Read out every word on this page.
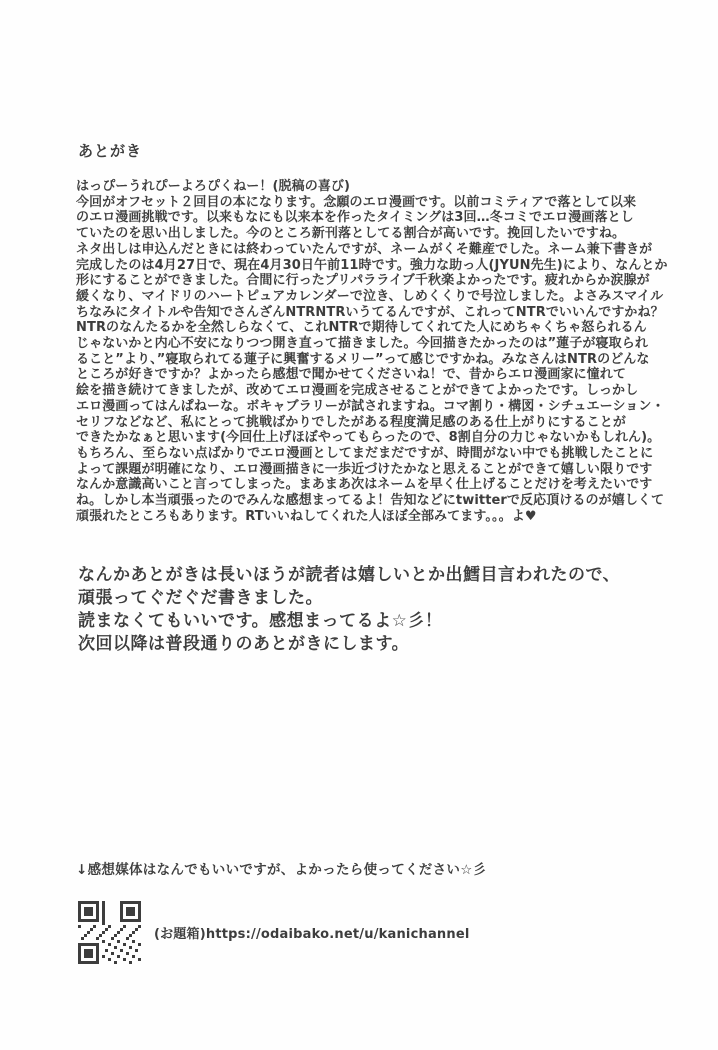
あとがき
はっぴーうれぴーよろぴくねー！(脱稿の喜び)
今回がオフセット２回目の本になります。念願のエロ漫画です。以前コミティアで落として以来
のエロ漫画挑戦です。以来もなにも以来本を作ったタイミングは3回…冬コミでエロ漫画落とし
ていたのを思い出しました。今のところ新刊落としてる割合が高いです。挽回したいですね。
ネタ出しは申込んだときには終わっていたんですが、ネームがくそ難産でした。ネーム兼下書きが
完成したのは4月27日で、現在4月30日午前11時です。強力な助っ人(JYUN先生)により、なんとか
形にすることができました。合間に行ったプリパラライブ千秋楽よかったです。疲れからか涙腺が
緩くなり、マイドリのハートピュアカレンダーで泣き、しめくくりで号泣しました。よさみスマイル
ちなみにタイトルや告知でさんざんNTRNTRいうてるんですが、これってNTRでいいんですかね？
NTRのなんたるかを全然しらなくて、これNTRで期待してくれてた人にめちゃくちゃ怒られるん
じゃないかと内心不安になりつつ開き直って描きました。今回描きたかったのは”蓮子が寝取られ
ること”より、”寝取られてる蓮子に興奮するメリー”って感じですかね。みなさんはNTRのどんな
ところが好きですか？よかったら感想で聞かせてくださいね！で、昔からエロ漫画家に憧れて
絵を描き続けてきましたが、改めてエロ漫画を完成させることができてよかったです。しっかし
エロ漫画ってはんぱねーな。ボキャブラリーが試されますね。コマ割り・構図・シチュエーション・
セリフなどなど、私にとって挑戦ばかりでしたがある程度満足感のある仕上がりにすることが
できたかなぁと思います(今回仕上げほぼやってもらったので、8割自分の力じゃないかもしれん)。
もちろん、至らない点ばかりでエロ漫画としてまだまだですが、時間がない中でも挑戦したことに
よって課題が明確になり、エロ漫画描きに一歩近づけたかなと思えることができて嬉しい限りです
なんか意識高いこと言ってしまった。まあまあ次はネームを早く仕上げることだけを考えたいです
ね。しかし本当頑張ったのでみんな感想まってるよ！告知などにtwitterで反応頂けるのが嬉しくて
頑張れたところもあります。RTいいねしてくれた人ほぼ全部みてます。。。よ♥
なんかあとがきは長いほうが読者は嬉しいとか出鱈目言われたので、
頑張ってぐだぐだ書きました。
読まなくてもいいです。感想まってるよ☆彡！
次回以降は普段通りのあとがきにします。
↓感想媒体はなんでもいいですが、よかったら使ってください☆彡
(お題箱)https://odaibako.net/u/kanichannel
